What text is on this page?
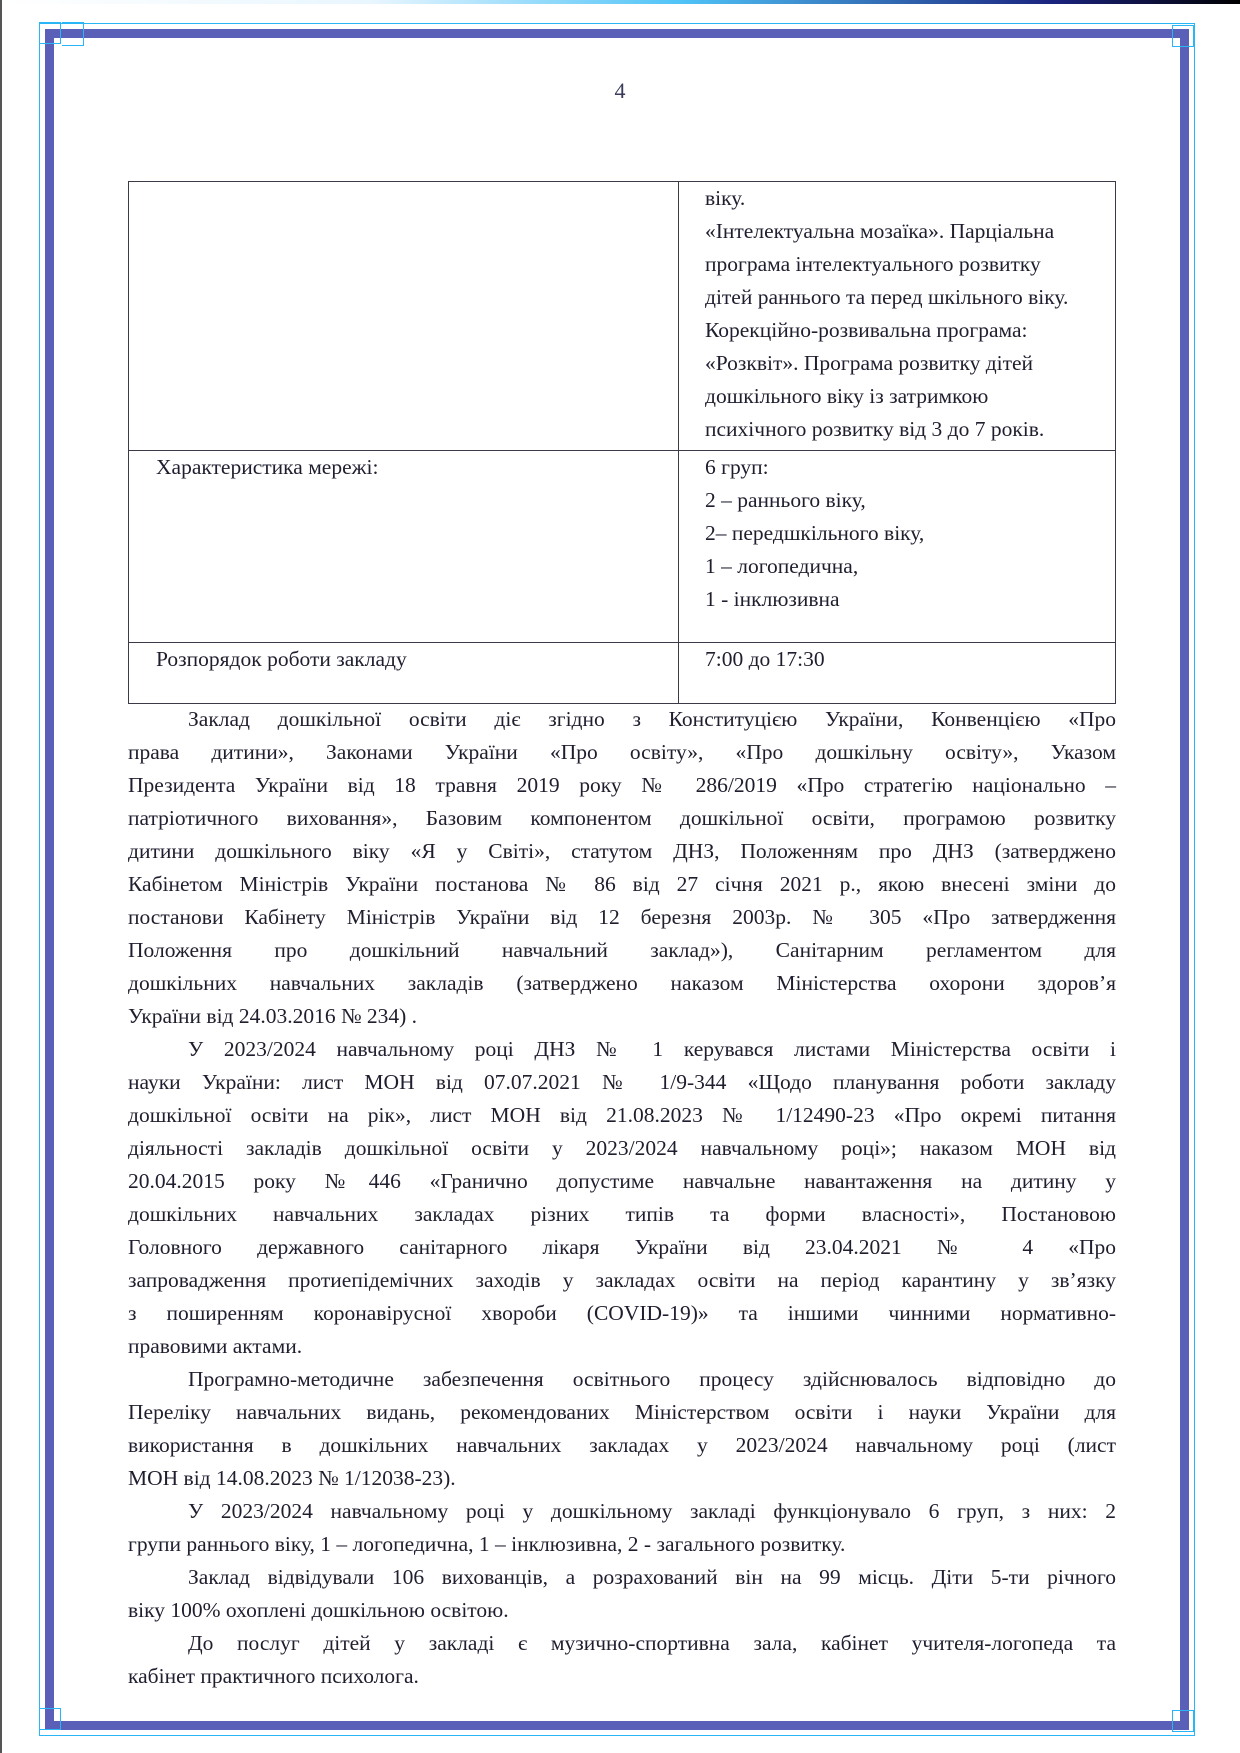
4

віку.
«Інтелектуальна мозаїка». Парціальна
програма інтелектуального розвитку
дітей раннього та перед шкільного віку.
Корекційно-розвивальна програма:
«Розквіт». Програма розвитку дітей
дошкільного віку із затримкою
психічного розвитку від 3 до 7 років.

Характеристика мережі:	6 груп:
2 – раннього віку,
2– передшкільного віку,
1 – логопедична,
1 - інклюзивна

Розпорядок роботи закладу	7:00 до 17:30

Заклад дошкільної освіти діє згідно з Конституцією України, Конвенцією «Про
права дитини», Законами України «Про освіту», «Про дошкільну освіту», Указом
Президента України від 18 травня 2019 року № 286/2019 «Про стратегію національно –
патріотичного виховання», Базовим компонентом дошкільної освіти, програмою розвитку
дитини дошкільного віку «Я у Світі», статутом ДНЗ, Положенням про ДНЗ (затверджено
Кабінетом Міністрів України постанова № 86 від 27 січня 2021 р., якою внесені зміни до
постанови Кабінету Міністрів України від 12 березня 2003р. № 305 «Про затвердження
Положення про дошкільний навчальний заклад»), Санітарним регламентом для
дошкільних навчальних закладів (затверджено наказом Міністерства охорони здоров’я
України від 24.03.2016 № 234) .

У 2023/2024 навчальному році ДНЗ № 1 керувався листами Міністерства освіти і
науки України: лист МОН від 07.07.2021 № 1/9-344 «Щодо планування роботи закладу
дошкільної освіти на рік», лист МОН від 21.08.2023 № 1/12490-23 «Про окремі питання
діяльності закладів дошкільної освіти у 2023/2024 навчальному році»; наказом МОН від
20.04.2015 року №446 «Гранично допустиме навчальне навантаження на дитину у
дошкільних навчальних закладах різних типів та форми власності», Постановою
Головного державного санітарного лікаря України від 23.04.2021 № 4 «Про
запровадження протиепідемічних заходів у закладах освіти на період карантину у зв’язку
з поширенням коронавірусної хвороби (COVID-19)» та іншими чинними нормативно-
правовими актами.

Програмно-методичне забезпечення освітнього процесу здійснювалось відповідно до
Переліку навчальних видань, рекомендованих Міністерством освіти і науки України для
використання в дошкільних навчальних закладах у 2023/2024 навчальному році (лист
МОН від 14.08.2023 № 1/12038-23).

У 2023/2024 навчальному році у дошкільному закладі функціонувало 6 груп, з них: 2
групи раннього віку, 1 – логопедична, 1 – інклюзивна, 2 - загального розвитку.

Заклад відвідували 106 вихованців, а розрахований він на 99 місць. Діти 5-ти річного
віку 100% охоплені дошкільною освітою.

До послуг дітей у закладі є музично-спортивна зала, кабінет учителя-логопеда та
кабінет практичного психолога.
